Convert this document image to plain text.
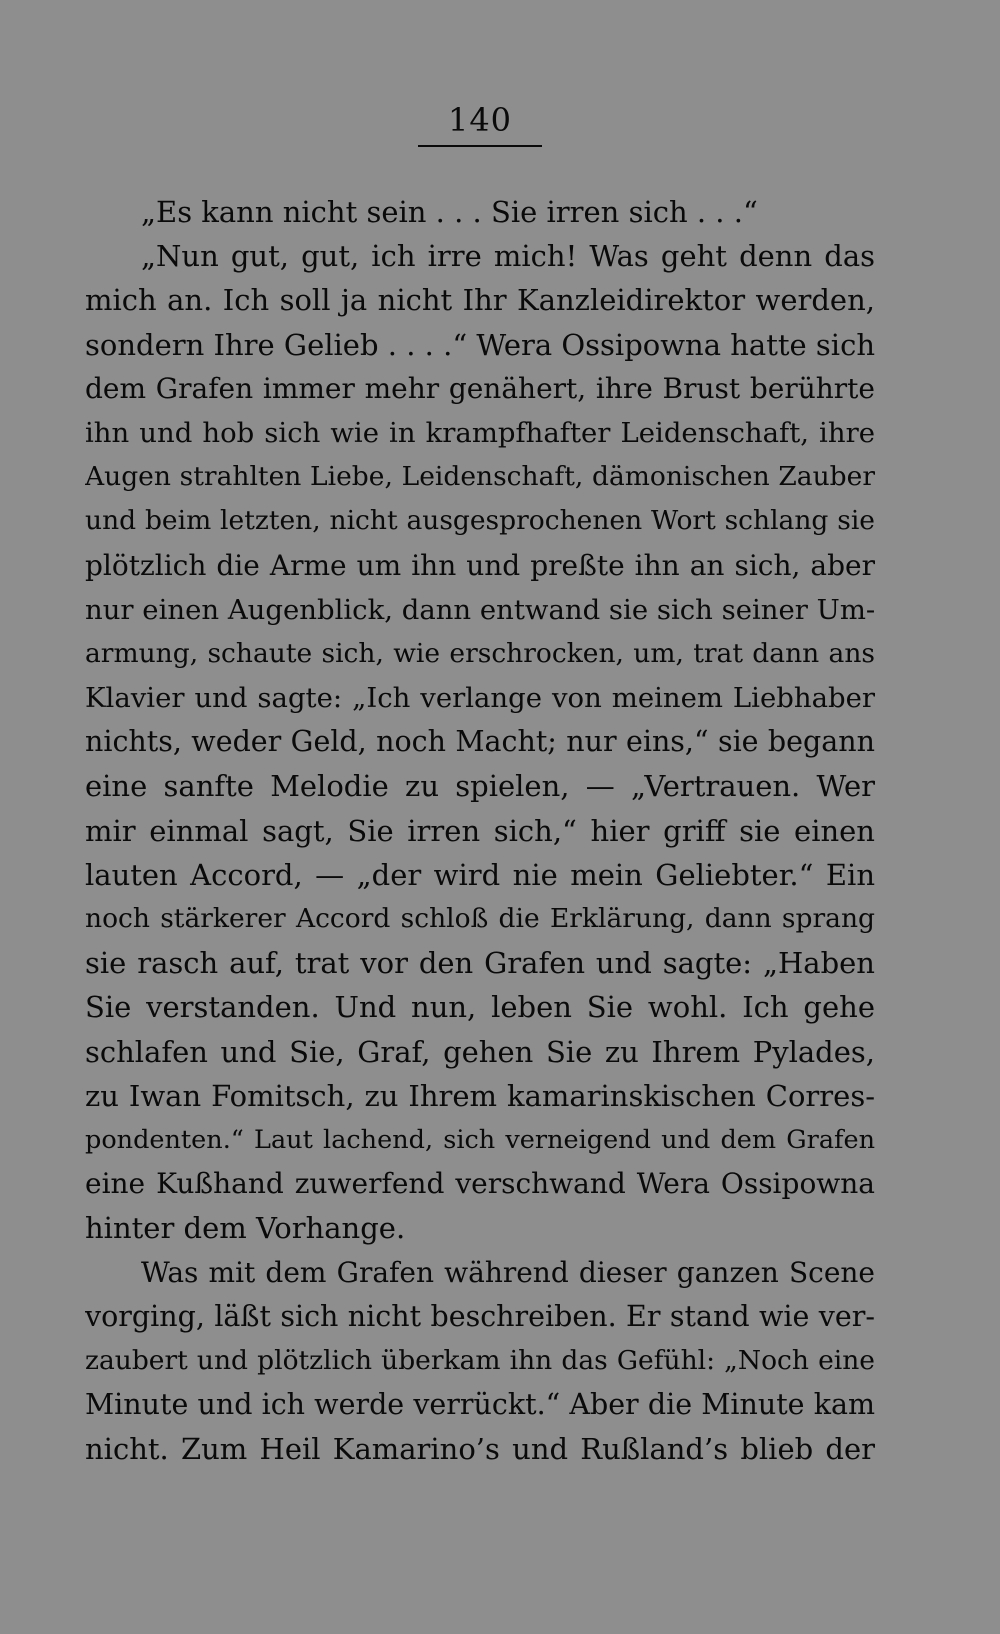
140
„Es kann nicht sein . . . Sie irren sich . . .“
„Nun gut, gut, ich irre mich! Was geht denn das
mich an. Ich soll ja nicht Ihr Kanzleidirektor werden,
sondern Ihre Gelieb . . . .“ Wera Ossipowna hatte sich
dem Grafen immer mehr genähert, ihre Brust berührte
ihn und hob sich wie in krampfhafter Leidenschaft, ihre
Augen strahlten Liebe, Leidenschaft, dämonischen Zauber
und beim letzten, nicht ausgesprochenen Wort schlang sie
plötzlich die Arme um ihn und preßte ihn an sich, aber
nur einen Augenblick, dann entwand sie sich seiner Um-
armung, schaute sich, wie erschrocken, um, trat dann ans
Klavier und sagte: „Ich verlange von meinem Liebhaber
nichts, weder Geld, noch Macht; nur eins,“ sie begann
eine sanfte Melodie zu spielen, — „Vertrauen. Wer
mir einmal sagt, Sie irren sich,“ hier griff sie einen
lauten Accord, — „der wird nie mein Geliebter.“ Ein
noch stärkerer Accord schloß die Erklärung, dann sprang
sie rasch auf, trat vor den Grafen und sagte: „Haben
Sie verstanden. Und nun, leben Sie wohl. Ich gehe
schlafen und Sie, Graf, gehen Sie zu Ihrem Pylades,
zu Iwan Fomitsch, zu Ihrem kamarinskischen Corres-
pondenten.“ Laut lachend, sich verneigend und dem Grafen
eine Kußhand zuwerfend verschwand Wera Ossipowna
hinter dem Vorhange.
Was mit dem Grafen während dieser ganzen Scene
vorging, läßt sich nicht beschreiben. Er stand wie ver-
zaubert und plötzlich überkam ihn das Gefühl: „Noch eine
Minute und ich werde verrückt.“ Aber die Minute kam
nicht. Zum Heil Kamarino’s und Rußland’s blieb der
